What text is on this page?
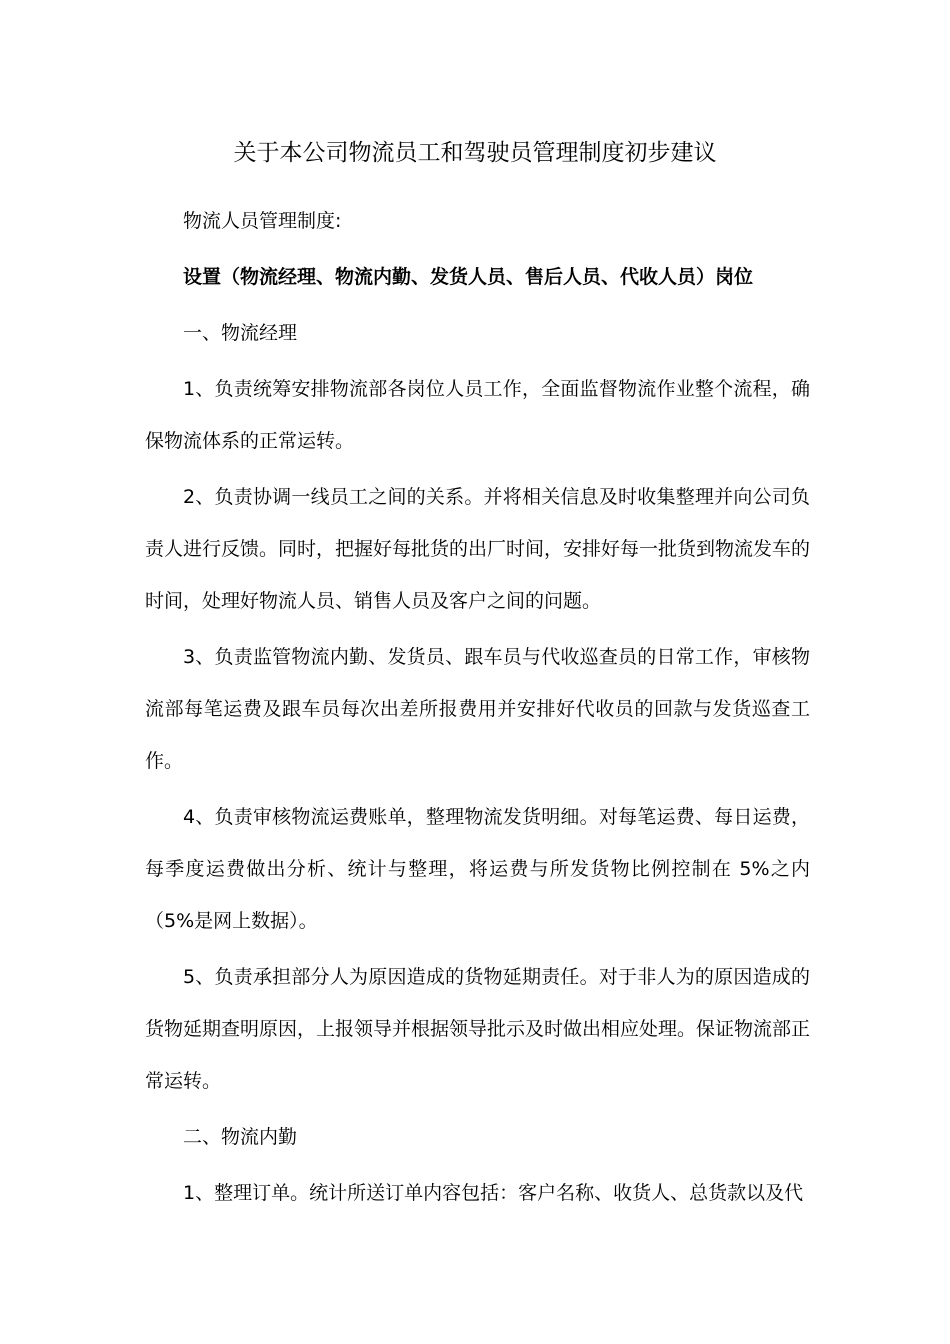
关于本公司物流员工和驾驶员管理制度初步建议

物流人员管理制度:

设置（物流经理、物流内勤、发货人员、售后人员、代收人员）岗位

一、物流经理

1、负责统筹安排物流部各岗位人员工作，全面监督物流作业整个流程，确保物流体系的正常运转。

2、负责协调一线员工之间的关系。并将相关信息及时收集整理并向公司负责人进行反馈。同时，把握好每批货的出厂时间，安排好每一批货到物流发车的时间，处理好物流人员、销售人员及客户之间的问题。

3、负责监管物流内勤、发货员、跟车员与代收巡查员的日常工作，审核物流部每笔运费及跟车员每次出差所报费用并安排好代收员的回款与发货巡查工作。

4、负责审核物流运费账单，整理物流发货明细。对每笔运费、每日运费，每季度运费做出分析、统计与整理，将运费与所发货物比例控制在 5%之内（5%是网上数据）。

5、负责承担部分人为原因造成的货物延期责任。对于非人为的原因造成的货物延期查明原因，上报领导并根据领导批示及时做出相应处理。保证物流部正常运转。

二、物流内勤

1、整理订单。统计所送订单内容包括：客户名称、收货人、总货款以及代
